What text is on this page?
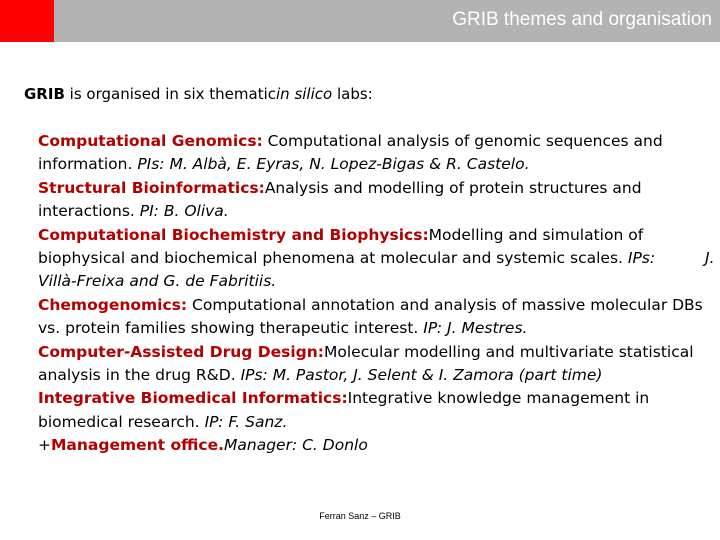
GRIB themes and organisation
GRIB is organised in six thematicin silico labs:
Computational Genomics: Computational analysis of genomic sequences and
information. PIs: M. Albà, E. Eyras, N. Lopez-Bigas & R. Castelo.
Structural Bioinformatics:Analysis and modelling of protein structures and
interactions. PI: B. Oliva.
Computational Biochemistry and Biophysics:Modelling and simulation of
biophysical and biochemical phenomena at molecular and systemic scales. IPs:	J.
Villà-Freixa and G. de Fabritiis.
Chemogenomics: Computational annotation and analysis of massive molecular DBs
vs. protein families showing therapeutic interest. IP: J. Mestres.
Computer-Assisted Drug Design:Molecular modelling and multivariate statistical
analysis in the drug R&D. IPs: M. Pastor, J. Selent & I. Zamora (part time)
Integrative Biomedical Informatics:Integrative knowledge management in
biomedical research. IP: F. Sanz.
+Management office.Manager: C. Donlo
Ferran Sanz – GRIB
